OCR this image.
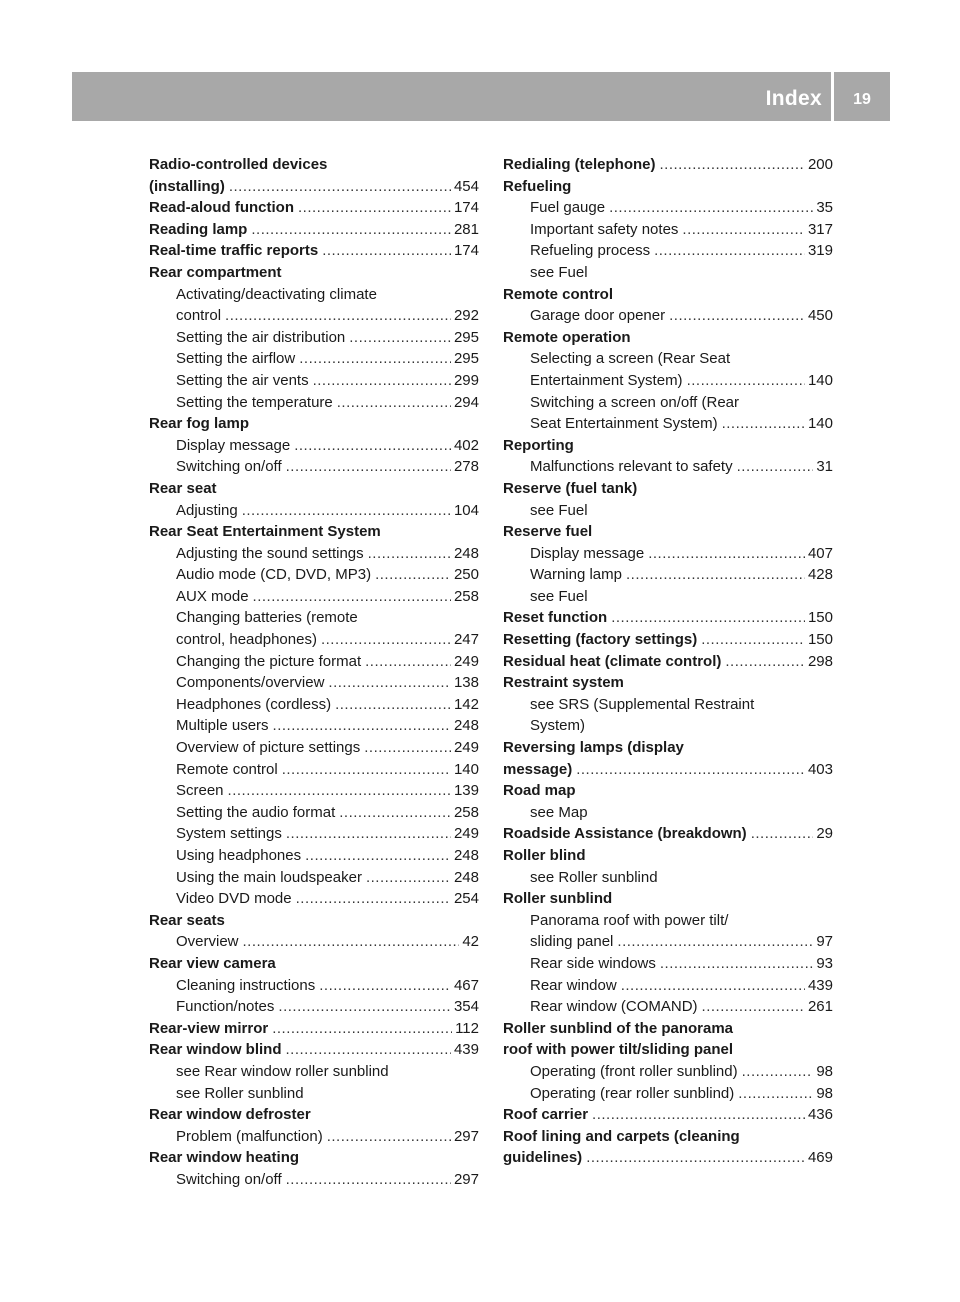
Index	19
Radio-controlled devices
(installing) .....	454
Read-aloud function .....	174
Reading lamp .....	281
Real-time traffic reports .....	174
Rear compartment
Activating/deactivating climate
control .....	292
Setting the air distribution .....	295
Setting the airflow .....	295
Setting the air vents .....	299
Setting the temperature .....	294
Rear fog lamp
Display message .....	402
Switching on/off .....	278
Rear seat
Adjusting .....	104
Rear Seat Entertainment System
Adjusting the sound settings .....	248
Audio mode (CD, DVD, MP3) .....	250
AUX mode .....	258
Changing batteries (remote
control, headphones) .....	247
Changing the picture format .....	249
Components/overview .....	138
Headphones (cordless) .....	142
Multiple users .....	248
Overview of picture settings .....	249
Remote control .....	140
Screen .....	139
Setting the audio format .....	258
System settings .....	249
Using headphones .....	248
Using the main loudspeaker .....	248
Video DVD mode .....	254
Rear seats
Overview .....	42
Rear view camera
Cleaning instructions .....	467
Function/notes .....	354
Rear-view mirror .....	112
Rear window blind .....	439
see Rear window roller sunblind
see Roller sunblind
Rear window defroster
Problem (malfunction) .....	297
Rear window heating
Switching on/off .....	297
Redialing (telephone) .....	200
Refueling
Fuel gauge .....	35
Important safety notes .....	317
Refueling process .....	319
see Fuel
Remote control
Garage door opener .....	450
Remote operation
Selecting a screen (Rear Seat
Entertainment System) .....	140
Switching a screen on/off (Rear
Seat Entertainment System) .....	140
Reporting
Malfunctions relevant to safety .....	31
Reserve (fuel tank)
see Fuel
Reserve fuel
Display message .....	407
Warning lamp .....	428
see Fuel
Reset function .....	150
Resetting (factory settings) .....	150
Residual heat (climate control) .....	298
Restraint system
see SRS (Supplemental Restraint
System)
Reversing lamps (display
message) .....	403
Road map
see Map
Roadside Assistance (breakdown) .....	29
Roller blind
see Roller sunblind
Roller sunblind
Panorama roof with power tilt/
sliding panel .....	97
Rear side windows .....	93
Rear window .....	439
Rear window (COMAND) .....	261
Roller sunblind of the panorama
roof with power tilt/sliding panel
Operating (front roller sunblind) .....	98
Operating (rear roller sunblind) .....	98
Roof carrier .....	436
Roof lining and carpets (cleaning
guidelines) .....	469
